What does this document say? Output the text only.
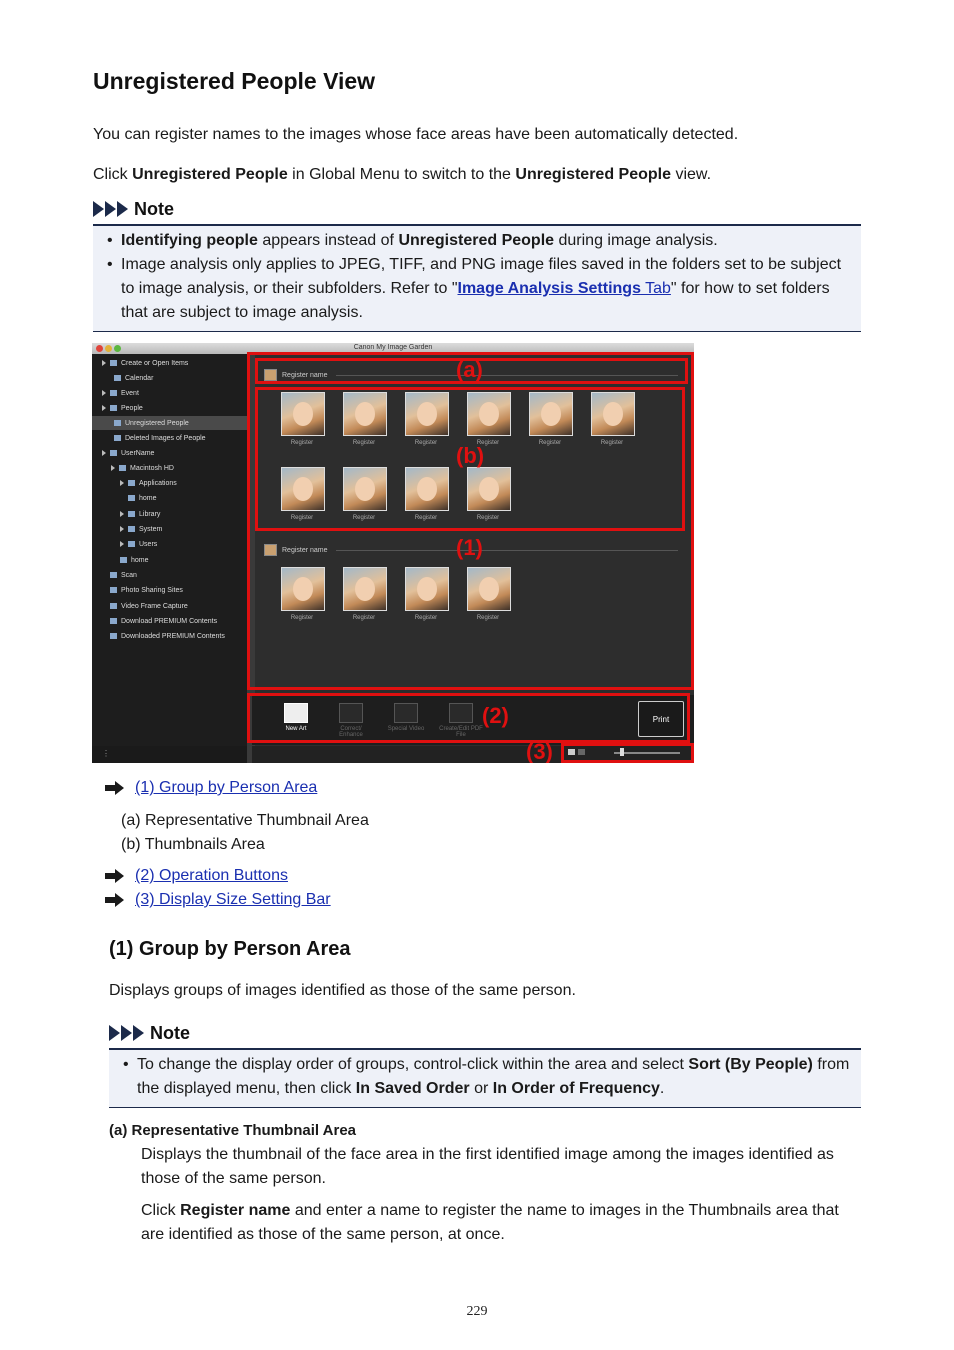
Unregistered People View
You can register names to the images whose face areas have been automatically detected.
Click Unregistered People in Global Menu to switch to the Unregistered People view.
Note
• Identifying people appears instead of Unregistered People during image analysis.
• Image analysis only applies to JPEG, TIFF, and PNG image files saved in the folders set to be subject
to image analysis, or their subfolders. Refer to "Image Analysis Settings Tab" for how to set folders
that are subject to image analysis.
Canon My Image Garden
Create or Open Items
Calendar
Event
People
Unregistered People
Deleted Images of People
UserName
Macintosh HD
Applications
home
Library
System
Users
home
Scan
Photo Sharing Sites
Video Frame Capture
Download PREMIUM Contents
Downloaded PREMIUM Contents
⋮
Register name
Register	Register	Register	Register	Register	Register
Register	Register	Register	Register
Register name
Register	Register	Register	Register
New Art	Correct/ Enhance
Special Video	Create/Edit PDF File
Print
(a)
(b)
(1)
(2)
(3)
(1) Group by Person Area
(a) Representative Thumbnail Area
(b) Thumbnails Area
(2) Operation Buttons
(3) Display Size Setting Bar
(1) Group by Person Area
Displays groups of images identified as those of the same person.
Note
• To change the display order of groups, control-click within the area and select Sort (By People) from
the displayed menu, then click In Saved Order or In Order of Frequency.
(a) Representative Thumbnail Area
Displays the thumbnail of the face area in the first identified image among the images identified as
those of the same person.
Click Register name and enter a name to register the name to images in the Thumbnails area that
are identified as those of the same person, at once.
229
